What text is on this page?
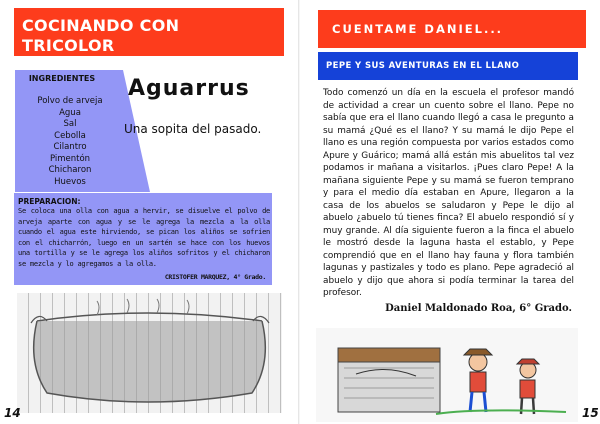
COCINANDO CON TRICOLOR
INGREDIENTES
Polvo de arveja
Agua
Sal
Cebolla
Cilantro
Pimentón
Chicharon
Huevos
Aguarrus
Una sopita del pasado.
PREPARACION:
Se coloca una olla con agua a hervir, se disuelve el polvo de arveja aparte con agua y se le agrega la mezcla a la olla cuando el agua este hirviendo, se pican los aliños se sofrien con el chicharrón, luego en un sartén se hace con los huevos una tortilla y se le agrega los aliños sofritos y el chicharon se mezcla y lo agregamos a la olla.
CRISTOFER MARQUEZ, 4° Grado.
14
CUENTAME DANIEL...
PEPE Y SUS AVENTURAS EN EL LLANO
Todo comenzó un día en la escuela el profesor mandó de actividad a crear un cuento sobre el llano. Pepe no sabía que era el llano cuando llegó a casa le pregunto a su mamá ¿Qué es el llano? Y su mamá le dijo Pepe el llano es una región compuesta por varios estados como Apure y Guárico; mamá allá están mis abuelitos tal vez podamos ir mañana a visitarlos. ¡Pues claro Pepe! A la mañana siguiente Pepe y su mamá se fueron temprano y para el medio día estaban en Apure, llegaron a la casa de los abuelos se saludaron y Pepe le dijo al abuelo ¿abuelo tú tienes finca? El abuelo respondió sí y muy grande. Al día siguiente fueron a la finca el abuelo le mostró desde la laguna hasta el establo, y Pepe comprendió que en el llano hay fauna y flora también lagunas y pastizales y todo es plano. Pepe agradeció al abuelo y dijo que ahora si podía terminar la tarea del profesor.
Daniel Maldonado Roa, 6° Grado.
15
